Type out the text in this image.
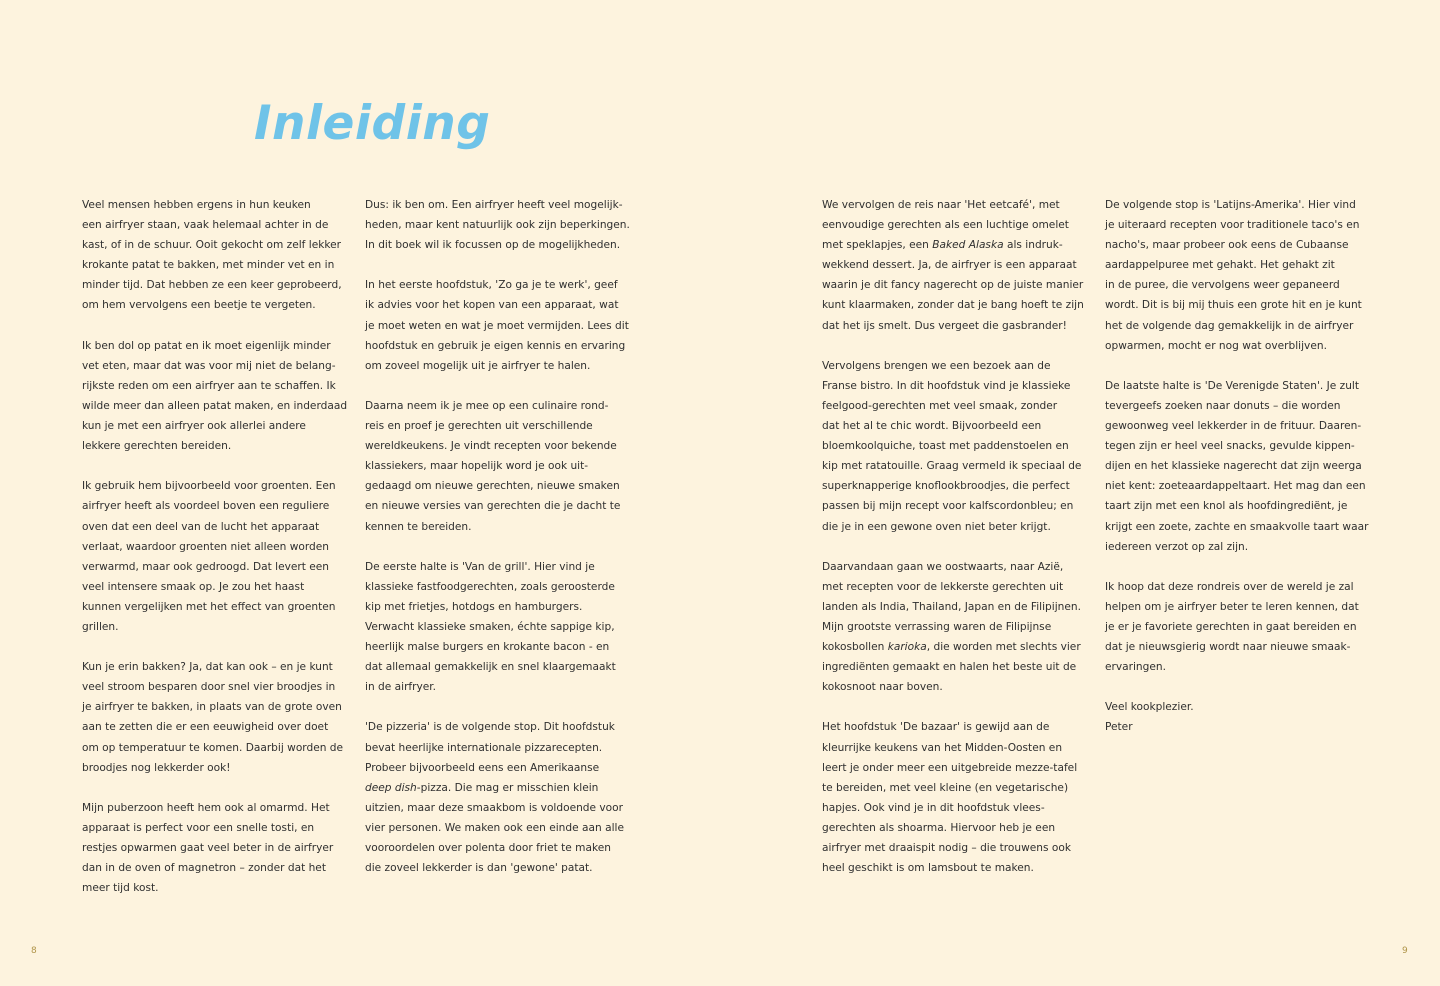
Inleiding

Veel mensen hebben ergens in hun keuken
een airfryer staan, vaak helemaal achter in de
kast, of in de schuur. Ooit gekocht om zelf lekker
krokante patat te bakken, met minder vet en in
minder tijd. Dat hebben ze een keer geprobeerd,
om hem vervolgens een beetje te vergeten.

Ik ben dol op patat en ik moet eigenlijk minder
vet eten, maar dat was voor mij niet de belang-
rijkste reden om een airfryer aan te schaffen. Ik
wilde meer dan alleen patat maken, en inderdaad
kun je met een airfryer ook allerlei andere
lekkere gerechten bereiden.

Ik gebruik hem bijvoorbeeld voor groenten. Een
airfryer heeft als voordeel boven een reguliere
oven dat een deel van de lucht het apparaat
verlaat, waardoor groenten niet alleen worden
verwarmd, maar ook gedroogd. Dat levert een
veel intensere smaak op. Je zou het haast
kunnen vergelijken met het effect van groenten
grillen.

Kun je erin bakken? Ja, dat kan ook – en je kunt
veel stroom besparen door snel vier broodjes in
je airfryer te bakken, in plaats van de grote oven
aan te zetten die er een eeuwigheid over doet
om op temperatuur te komen. Daarbij worden de
broodjes nog lekkerder ook!

Mijn puberzoon heeft hem ook al omarmd. Het
apparaat is perfect voor een snelle tosti, en
restjes opwarmen gaat veel beter in de airfryer
dan in de oven of magnetron – zonder dat het
meer tijd kost.

Dus: ik ben om. Een airfryer heeft veel mogelijk-
heden, maar kent natuurlijk ook zijn beperkingen.
In dit boek wil ik focussen op de mogelijkheden.

In het eerste hoofdstuk, 'Zo ga je te werk', geef
ik advies voor het kopen van een apparaat, wat
je moet weten en wat je moet vermijden. Lees dit
hoofdstuk en gebruik je eigen kennis en ervaring
om zoveel mogelijk uit je airfryer te halen.

Daarna neem ik je mee op een culinaire rond-
reis en proef je gerechten uit verschillende
wereldkeukens. Je vindt recepten voor bekende
klassiekers, maar hopelijk word je ook uit-
gedaagd om nieuwe gerechten, nieuwe smaken
en nieuwe versies van gerechten die je dacht te
kennen te bereiden.

De eerste halte is 'Van de grill'. Hier vind je
klassieke fastfoodgerechten, zoals geroosterde
kip met frietjes, hotdogs en hamburgers.
Verwacht klassieke smaken, échte sappige kip,
heerlijk malse burgers en krokante bacon - en
dat allemaal gemakkelijk en snel klaargemaakt
in de airfryer.

'De pizzeria' is de volgende stop. Dit hoofdstuk
bevat heerlijke internationale pizzarecepten.
Probeer bijvoorbeeld eens een Amerikaanse
deep dish-pizza. Die mag er misschien klein
uitzien, maar deze smaakbom is voldoende voor
vier personen. We maken ook een einde aan alle
vooroordelen over polenta door friet te maken
die zoveel lekkerder is dan 'gewone' patat.

We vervolgen de reis naar 'Het eetcafé', met
eenvoudige gerechten als een luchtige omelet
met speklapjes, een Baked Alaska als indruk-
wekkend dessert. Ja, de airfryer is een apparaat
waarin je dit fancy nagerecht op de juiste manier
kunt klaarmaken, zonder dat je bang hoeft te zijn
dat het ijs smelt. Dus vergeet die gasbrander!

Vervolgens brengen we een bezoek aan de
Franse bistro. In dit hoofdstuk vind je klassieke
feelgood-gerechten met veel smaak, zonder
dat het al te chic wordt. Bijvoorbeeld een
bloemkoolquiche, toast met paddenstoelen en
kip met ratatouille. Graag vermeld ik speciaal de
superknapperige knoflookbroodjes, die perfect
passen bij mijn recept voor kalfscordonbleu; en
die je in een gewone oven niet beter krijgt.

Daarvandaan gaan we oostwaarts, naar Azië,
met recepten voor de lekkerste gerechten uit
landen als India, Thailand, Japan en de Filipijnen.
Mijn grootste verrassing waren de Filipijnse
kokosbollen karioka, die worden met slechts vier
ingrediënten gemaakt en halen het beste uit de
kokosnoot naar boven.

Het hoofdstuk 'De bazaar' is gewijd aan de
kleurrijke keukens van het Midden-Oosten en
leert je onder meer een uitgebreide mezze-tafel
te bereiden, met veel kleine (en vegetarische)
hapjes. Ook vind je in dit hoofdstuk vlees-
gerechten als shoarma. Hiervoor heb je een
airfryer met draaispit nodig – die trouwens ook
heel geschikt is om lamsbout te maken.

De volgende stop is 'Latijns-Amerika'. Hier vind
je uiteraard recepten voor traditionele taco's en
nacho's, maar probeer ook eens de Cubaanse
aardappelpuree met gehakt. Het gehakt zit
in de puree, die vervolgens weer gepaneerd
wordt. Dit is bij mij thuis een grote hit en je kunt
het de volgende dag gemakkelijk in de airfryer
opwarmen, mocht er nog wat overblijven.

De laatste halte is 'De Verenigde Staten'. Je zult
tevergeefs zoeken naar donuts – die worden
gewoonweg veel lekkerder in de frituur. Daaren-
tegen zijn er heel veel snacks, gevulde kippen-
dijen en het klassieke nagerecht dat zijn weerga
niet kent: zoeteaardappeltaart. Het mag dan een
taart zijn met een knol als hoofdingrediënt, je
krijgt een zoete, zachte en smaakvolle taart waar
iedereen verzot op zal zijn.

Ik hoop dat deze rondreis over de wereld je zal
helpen om je airfryer beter te leren kennen, dat
je er je favoriete gerechten in gaat bereiden en
dat je nieuwsgierig wordt naar nieuwe smaak-
ervaringen.

Veel kookplezier.
Peter

8	9
